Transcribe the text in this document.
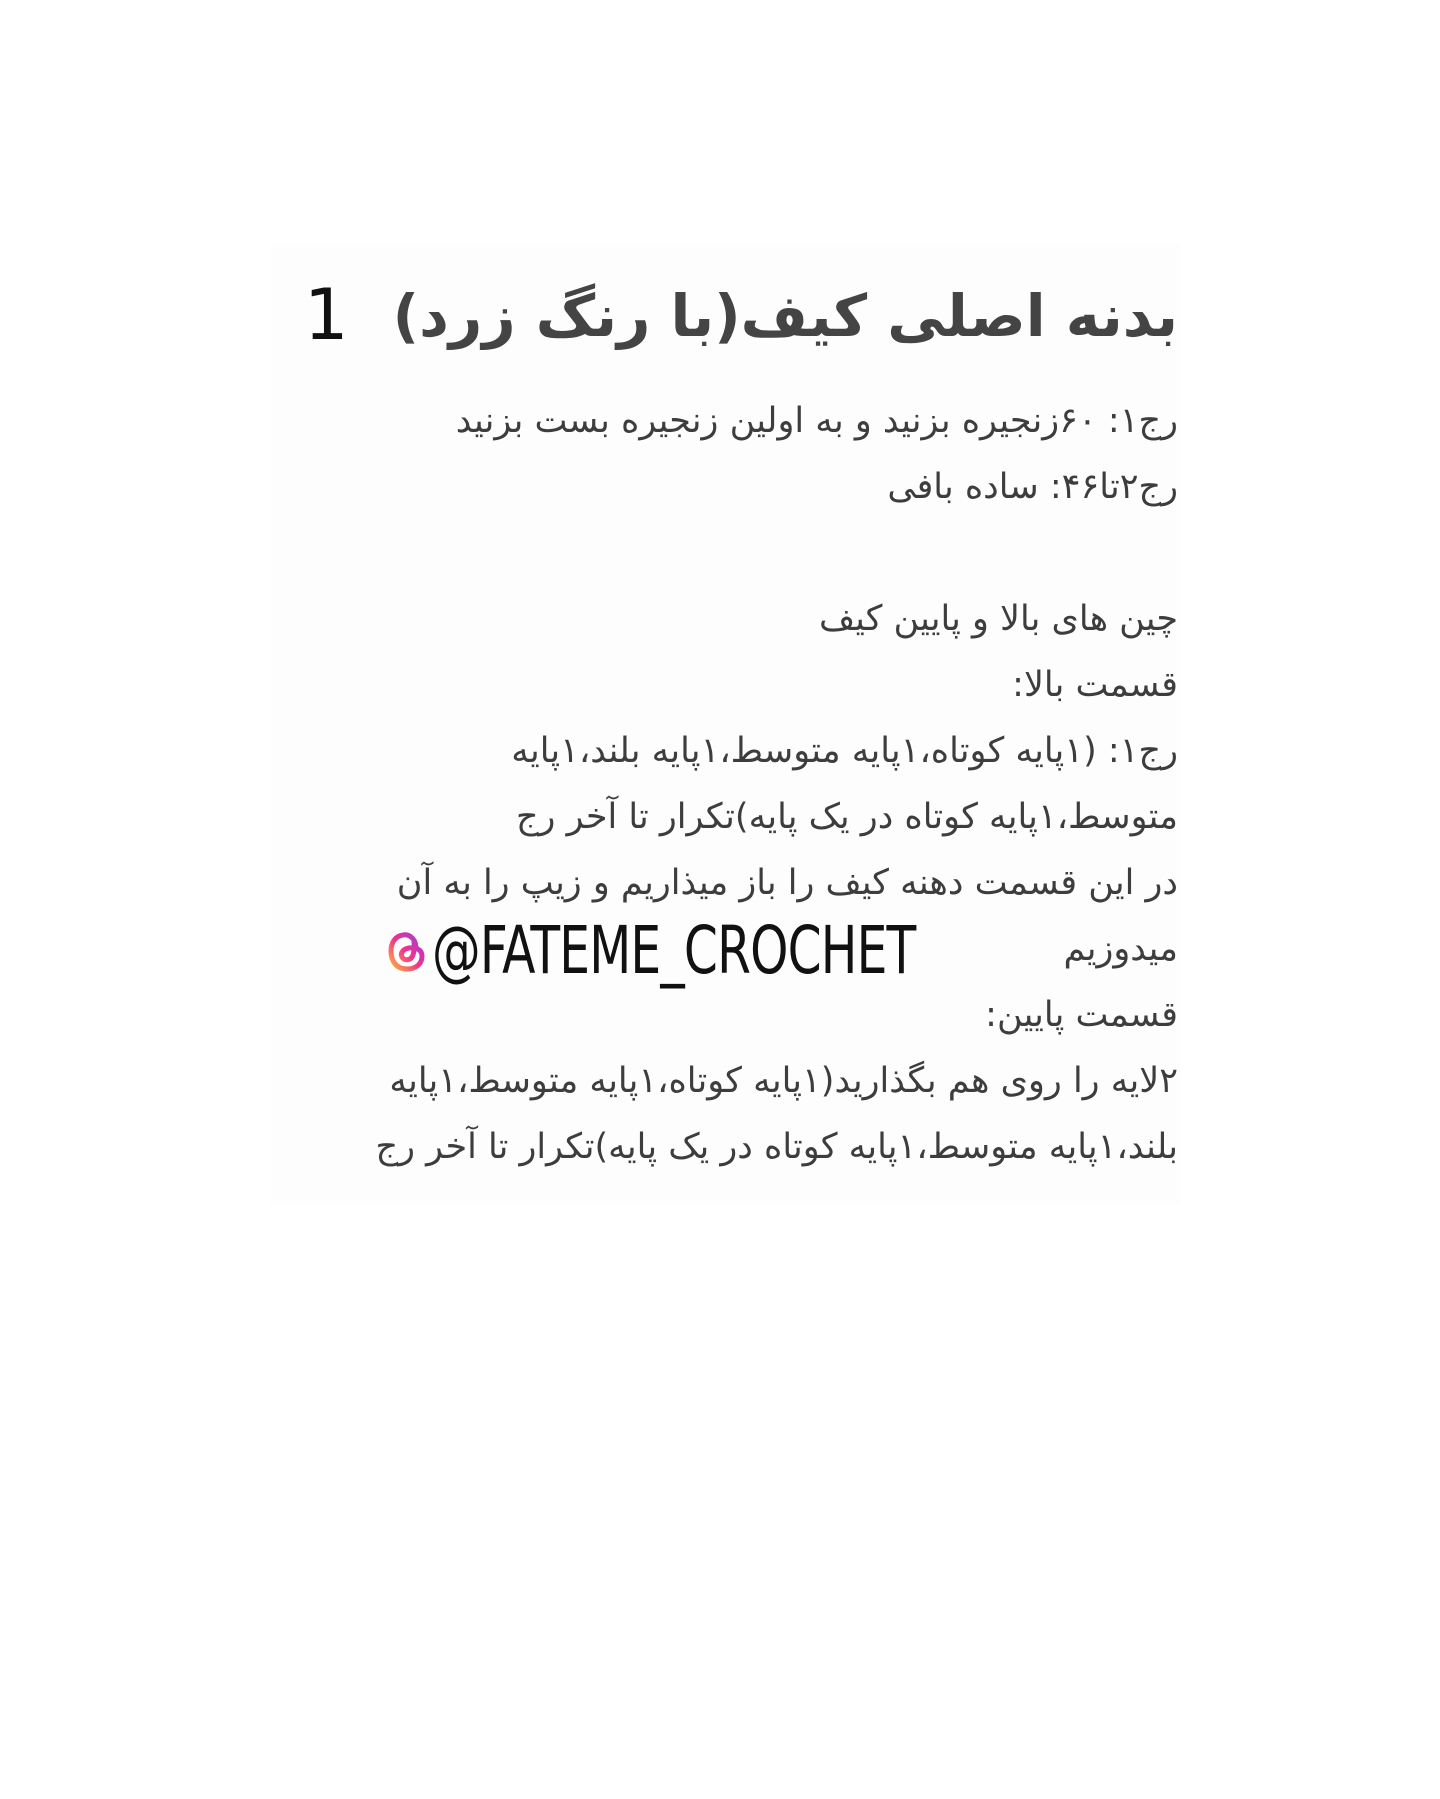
1 بدنه اصلی کیف(با رنگ زرد)
رج۱: ۶۰زنجیره بزنید و به اولین زنجیره بست بزنید
رج۲تا۴۶: ساده بافی
چین های بالا و پایین کیف
قسمت بالا:
رج۱: (۱پایه کوتاه،۱پایه متوسط،۱پایه بلند،۱پایه
متوسط،۱پایه کوتاه در یک پایه)تکرار تا آخر رج
در این قسمت دهنه کیف را باز میذاریم و زیپ را به آن
میدوزیم
قسمت پایین:
۲لایه را روی هم بگذارید(۱پایه کوتاه،۱پایه متوسط،۱پایه
بلند،۱پایه متوسط،۱پایه کوتاه در یک پایه)تکرار تا آخر رج
@FATEME_CROCHET
